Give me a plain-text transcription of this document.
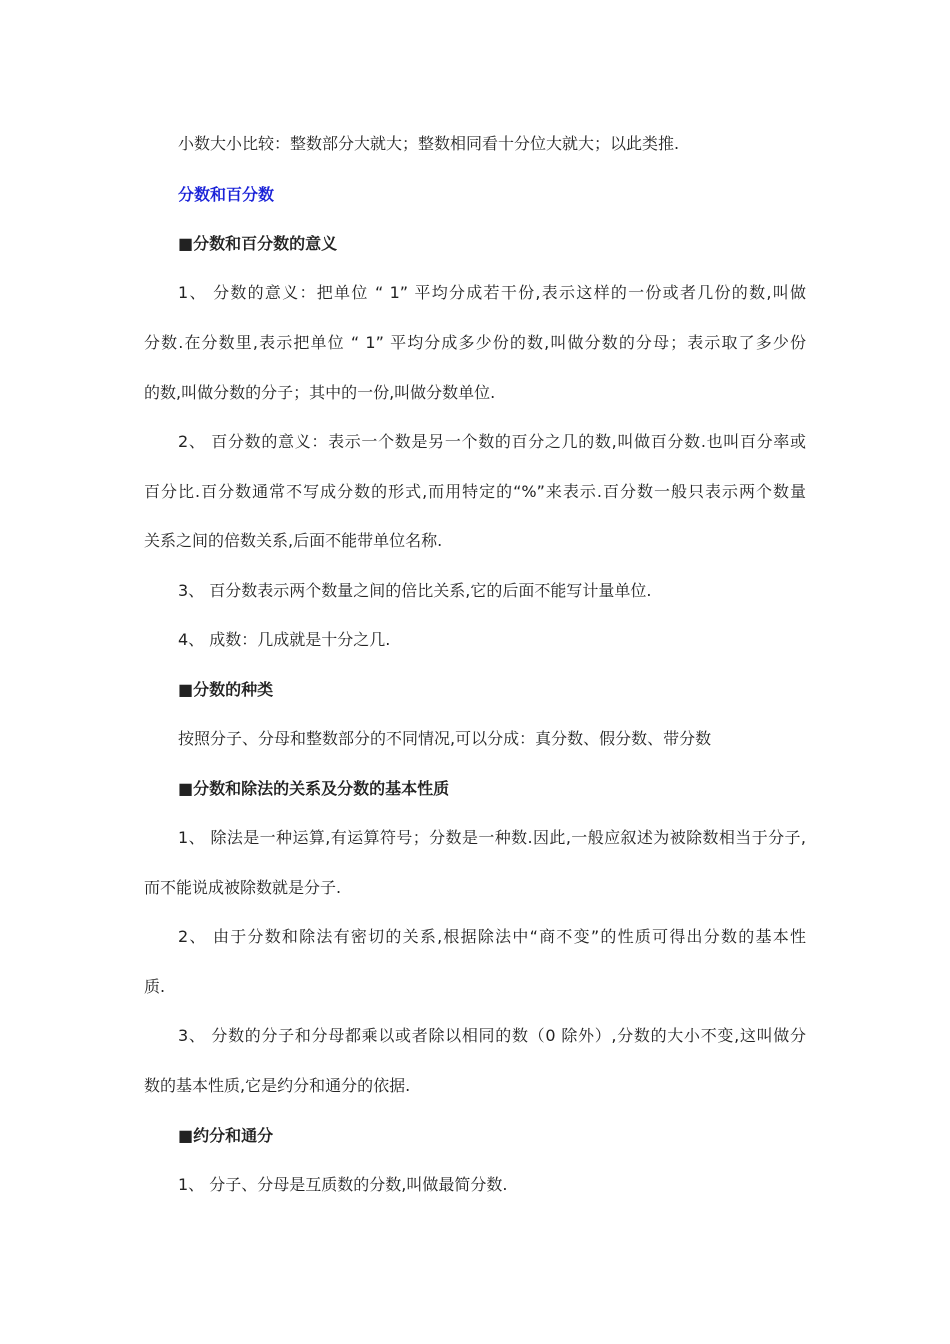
小数大小比较：整数部分大就大；整数相同看十分位大就大；以此类推.
分数和百分数
■分数和百分数的意义
1、 分数的意义：把单位 “ 1” 平均分成若干份,表示这样的一份或者几份的数,叫做
分数.在分数里,表示把单位 “ 1” 平均分成多少份的数,叫做分数的分母；表示取了多少份
的数,叫做分数的分子；其中的一份,叫做分数单位.
2、 百分数的意义：表示一个数是另一个数的百分之几的数,叫做百分数.也叫百分率或
百分比.百分数通常不写成分数的形式,而用特定的“%”来表示.百分数一般只表示两个数量
关系之间的倍数关系,后面不能带单位名称.
3、 百分数表示两个数量之间的倍比关系,它的后面不能写计量单位.
4、 成数：几成就是十分之几.
■分数的种类
按照分子、分母和整数部分的不同情况,可以分成：真分数、假分数、带分数
■分数和除法的关系及分数的基本性质
1、 除法是一种运算,有运算符号；分数是一种数.因此,一般应叙述为被除数相当于分子,
而不能说成被除数就是分子.
2、 由于分数和除法有密切的关系,根据除法中“商不变”的性质可得出分数的基本性
质.
3、 分数的分子和分母都乘以或者除以相同的数（0 除外）,分数的大小不变,这叫做分
数的基本性质,它是约分和通分的依据.
■约分和通分
1、 分子、分母是互质数的分数,叫做最简分数.
